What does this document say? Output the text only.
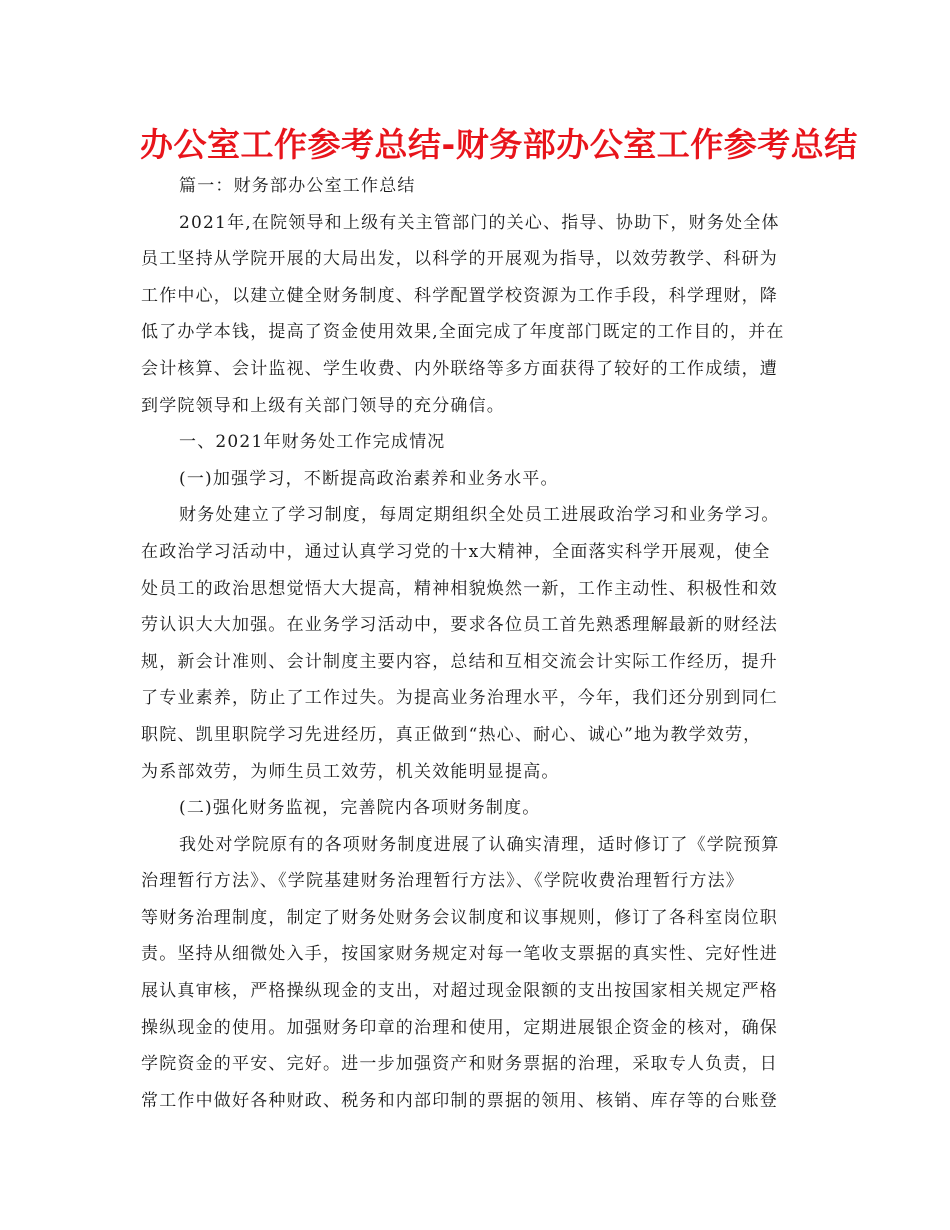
办公室工作参考总结-财务部办公室工作参考总结
篇一：财务部办公室工作总结
2021年,在院领导和上级有关主管部门的关心、指导、协助下，财务处全体
员工坚持从学院开展的大局出发，以科学的开展观为指导，以效劳教学、科研为
工作中心，以建立健全财务制度、科学配置学校资源为工作手段，科学理财，降
低了办学本钱，提高了资金使用效果,全面完成了年度部门既定的工作目的，并在
会计核算、会计监视、学生收费、内外联络等多方面获得了较好的工作成绩，遭
到学院领导和上级有关部门领导的充分确信。
一、2021年财务处工作完成情况
(一)加强学习，不断提高政治素养和业务水平。
财务处建立了学习制度，每周定期组织全处员工进展政治学习和业务学习。
在政治学习活动中，通过认真学习党的十x大精神，全面落实科学开展观，使全
处员工的政治思想觉悟大大提高，精神相貌焕然一新，工作主动性、积极性和效
劳认识大大加强。在业务学习活动中，要求各位员工首先熟悉理解最新的财经法
规，新会计准则、会计制度主要内容，总结和互相交流会计实际工作经历，提升
了专业素养，防止了工作过失。为提高业务治理水平，今年，我们还分别到同仁
职院、凯里职院学习先进经历，真正做到“热心、耐心、诚心”地为教学效劳，
为系部效劳，为师生员工效劳，机关效能明显提高。
(二)强化财务监视，完善院内各项财务制度。
我处对学院原有的各项财务制度进展了认确实清理，适时修订了《学院预算
治理暂行方法》、《学院基建财务治理暂行方法》、《学院收费治理暂行方法》
等财务治理制度，制定了财务处财务会议制度和议事规则，修订了各科室岗位职
责。坚持从细微处入手，按国家财务规定对每一笔收支票据的真实性、完好性进
展认真审核，严格操纵现金的支出，对超过现金限额的支出按国家相关规定严格
操纵现金的使用。加强财务印章的治理和使用，定期进展银企资金的核对，确保
学院资金的平安、完好。进一步加强资产和财务票据的治理，采取专人负责，日
常工作中做好各种财政、税务和内部印制的票据的领用、核销、库存等的台账登
